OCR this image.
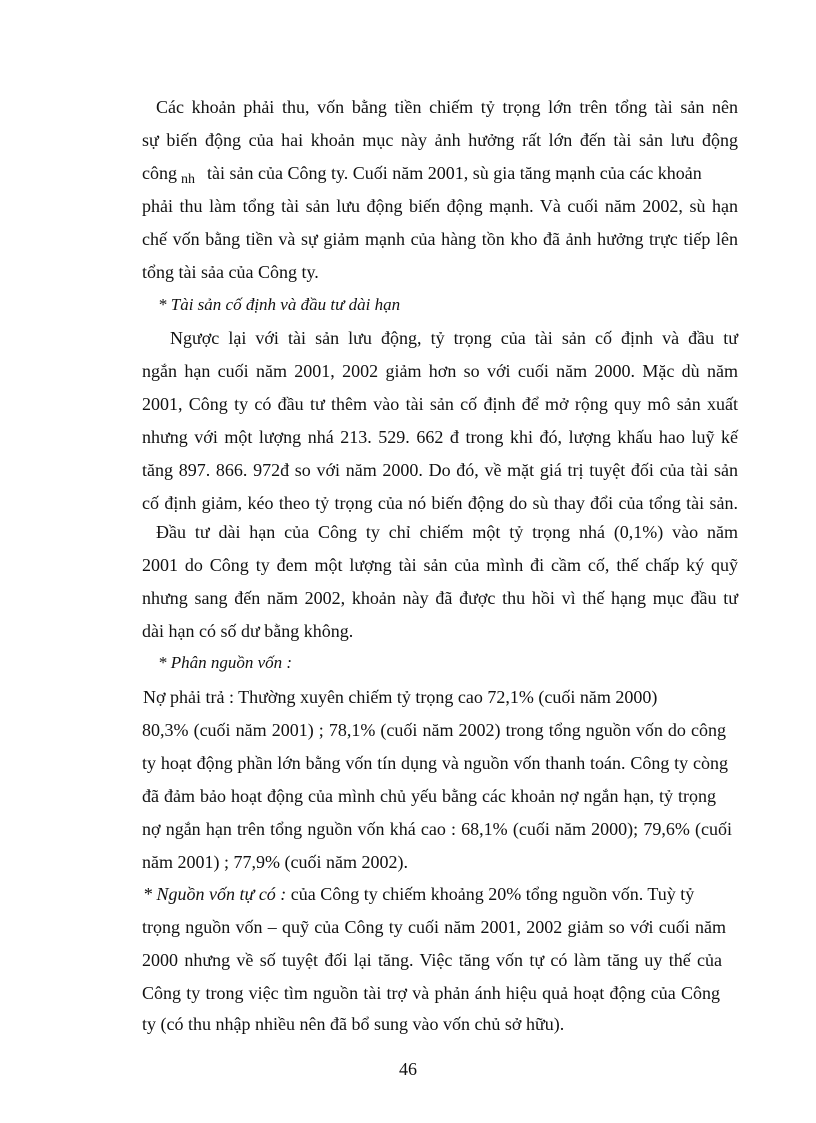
Các khoản phải thu, vốn bằng tiền chiếm tỷ trọng lớn trên tổng tài sản nên
sự biến động của hai khoản mục này ảnh hưởng rất lớn đến tài sản lưu động
công $_{nh}$ tài sản của Công ty. Cuối năm 2001, sù gia tăng mạnh của các khoản
phải thu làm tổng tài sản lưu động biến động mạnh. Và cuối năm 2002, sù hạn
chế vốn bằng tiền và sự giảm mạnh của hàng tồn kho đã ảnh hưởng trực tiếp lên
tổng tài sảa của Công ty.
* Tài sản cố định và đầu tư dài hạn
Ngược lại với tài sản lưu động, tỷ trọng của tài sản cố định và đầu tư
ngắn hạn cuối năm 2001, 2002 giảm hơn so với cuối năm 2000. Mặc dù năm
2001, Công ty có đầu tư thêm vào tài sản cố định để mở rộng quy mô sản xuất
nhưng với một lượng nhá 213. 529. 662 đ trong khi đó, lượng khấu hao luỹ kế
tăng 897. 866. 972đ so với năm 2000. Do đó, về mặt giá trị tuyệt đối của tài sản
cố định giảm, kéo theo tỷ trọng của nó biến động do sù thay đổi của tổng tài sản.
Đầu tư dài hạn của Công ty chỉ chiếm một tỷ trọng nhá (0,1%) vào năm
2001 do Công ty đem một lượng tài sản của mình đi cầm cố, thế chấp ký quỹ
nhưng sang đến năm 2002, khoản này đã được thu hồi vì thế hạng mục đầu tư
dài hạn có số dư bằng không.
* Phân nguồn vốn :
Nợ phải trả : Thường xuyên chiếm tỷ trọng cao 72,1% (cuối năm 2000)
80,3% (cuối năm 2001) ; 78,1% (cuối năm 2002) trong tổng nguồn vốn do công
ty hoạt động phần lớn bằng vốn tín dụng và nguồn vốn thanh toán. Công ty còng
đã đảm bảo hoạt động của mình chủ yếu bằng các khoản nợ ngắn hạn, tỷ trọng
nợ ngắn hạn trên tổng nguồn vốn khá cao : 68,1% (cuối năm 2000); 79,6% (cuối
năm 2001) ; 77,9% (cuối năm 2002).
* Nguồn vốn tự có : của Công ty chiếm khoảng 20% tổng nguồn vốn. Tuỳ tỷ
trọng nguồn vốn – quỹ của Công ty cuối năm 2001, 2002 giảm so với cuối năm
2000 nhưng về số tuyệt đối lại tăng. Việc tăng vốn tự có làm tăng uy thế của
Công ty trong việc tìm nguồn tài trợ và phản ánh hiệu quả hoạt động của Công
ty (có thu nhập nhiều nên đã bổ sung vào vốn chủ sở hữu).
46
